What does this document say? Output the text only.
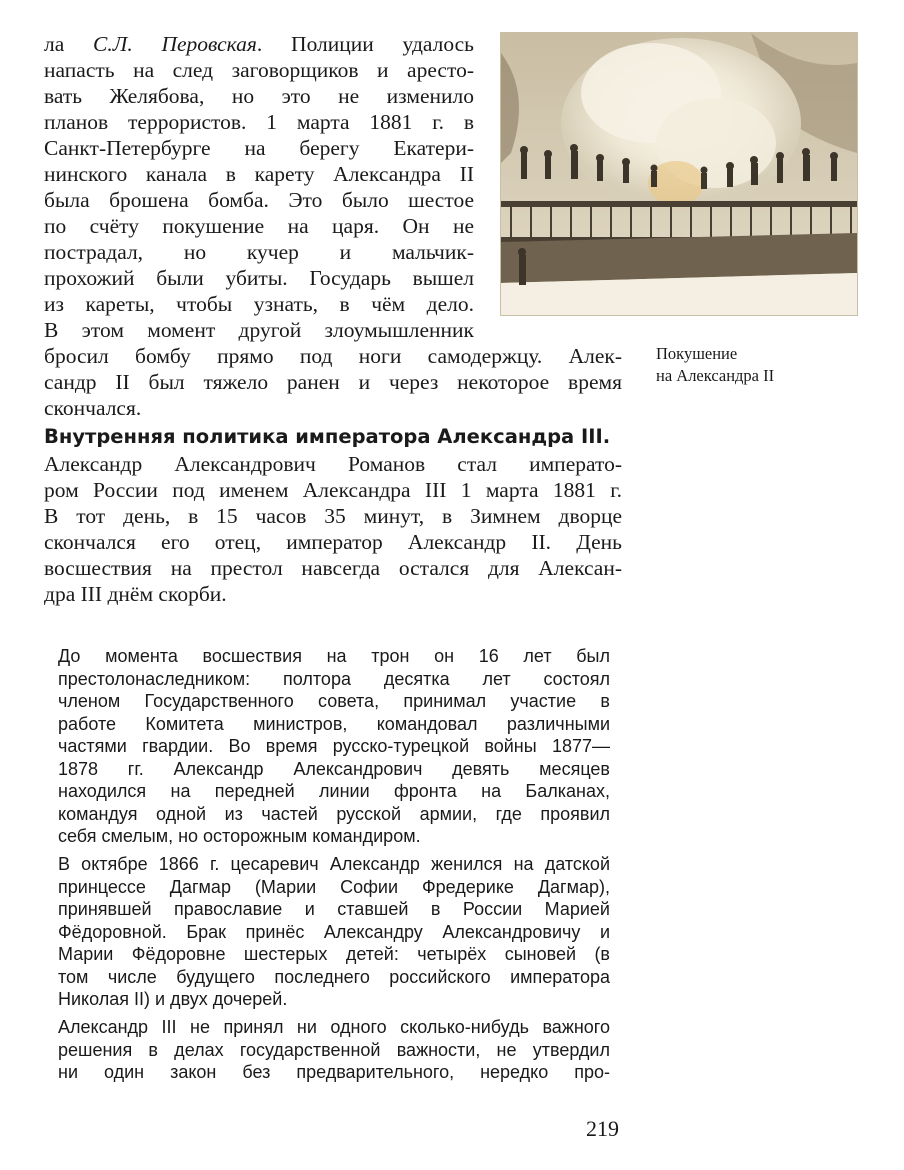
ла С.Л. Перовская. Полиции удалось
напасть на след заговорщиков и аресто-
вать Желябова, но это не изменило
планов террористов. 1 марта 1881 г. в
Санкт-Петербурге на берегу Екатери-
нинского канала в карету Александра II
была брошена бомба. Это было шестое
по счёту покушение на царя. Он не
пострадал, но кучер и мальчик-
прохожий были убиты. Государь вышел
из кареты, чтобы узнать, в чём дело.
В этом момент другой злоумышленник
бросил бомбу прямо под ноги самодержцу. Алек-
сандр II был тяжело ранен и через некоторое время
скончался.
Покушение
на Александра II
Внутренняя политика императора Александра III.
Александр Александрович Романов стал императо-
ром России под именем Александра III 1 марта 1881 г.
В тот день, в 15 часов 35 минут, в Зимнем дворце
скончался его отец, император Александр II. День
восшествия на престол навсегда остался для Алексан-
дра III днём скорби.
До момента восшествия на трон он 16 лет был
престолонаследником: полтора десятка лет состоял
членом Государственного совета, принимал участие в
работе Комитета министров, командовал различными
частями гвардии. Во время русско-турецкой войны 1877—
1878 гг. Александр Александрович девять месяцев
находился на передней линии фронта на Балканах,
командуя одной из частей русской армии, где проявил
себя смелым, но осторожным командиром.
В октябре 1866 г. цесаревич Александр женился на датской
принцессе Дагмар (Марии Софии Фредерике Дагмар),
принявшей православие и ставшей в России Марией
Фёдоровной. Брак принёс Александру Александровичу и
Марии Фёдоровне шестерых детей: четырёх сыновей (в
том числе будущего последнего российского императора
Николая II) и двух дочерей.
Александр III не принял ни одного сколько-нибудь важного
решения в делах государственной важности, не утвердил
ни один закон без предварительного, нередко про-
219
